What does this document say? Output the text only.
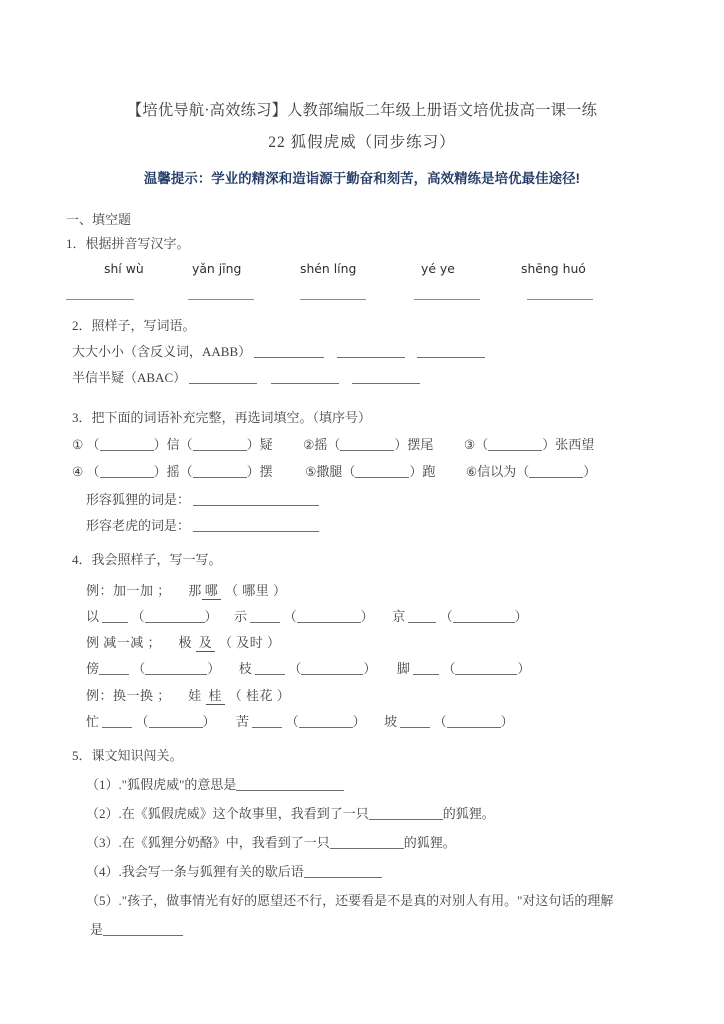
【培优导航·高效练习】人教部编版二年级上册语文培优拔高一课一练
22 狐假虎威（同步练习）
温馨提示：学业的精深和造诣源于勤奋和刻苦，高效精练是培优最佳途径!
一、填空题
1．根据拼音写汉字。
shí wù	yǎn jīng	shén líng	yé ye	shēng huó
2．照样子，写词语。
大大小小（含反义词，AABB）
半信半疑（ABAC）
3．把下面的词语补充完整，再选词填空。（填序号）
① （	）信（	）疑 ②摇（	）摆尾 ③（	）张西望
④ （	）摇（	）摆	⑤撒腿（	）跑 ⑥信以为（	）
形容狐狸的词是：
形容老虎的词是：
4．我会照样子，写一写。
例：加一加 ； 那 哪 （ 哪里 ）
以	（	）  示	（	）  京	（	）
例 减一减 ； 极 及 （ 及时 ）
傍	（	）  枝	（	）  脚	（	）
例：换一换 ； 娃 桂 （ 桂花 ）
忙	（	）  苦	（	）  坡	（	）
5．课文知识闯关。
（1）."狐假虎威"的意思是
（2）.在《狐假虎威》这个故事里，我看到了一只	的狐狸。
（3）.在《狐狸分奶酪》中，我看到了一只	的狐狸。
（4）.我会写一条与狐狸有关的歇后语
（5）."孩子，做事情光有好的愿望还不行，还要看是不是真的对别人有用。"对这句话的理解
是
